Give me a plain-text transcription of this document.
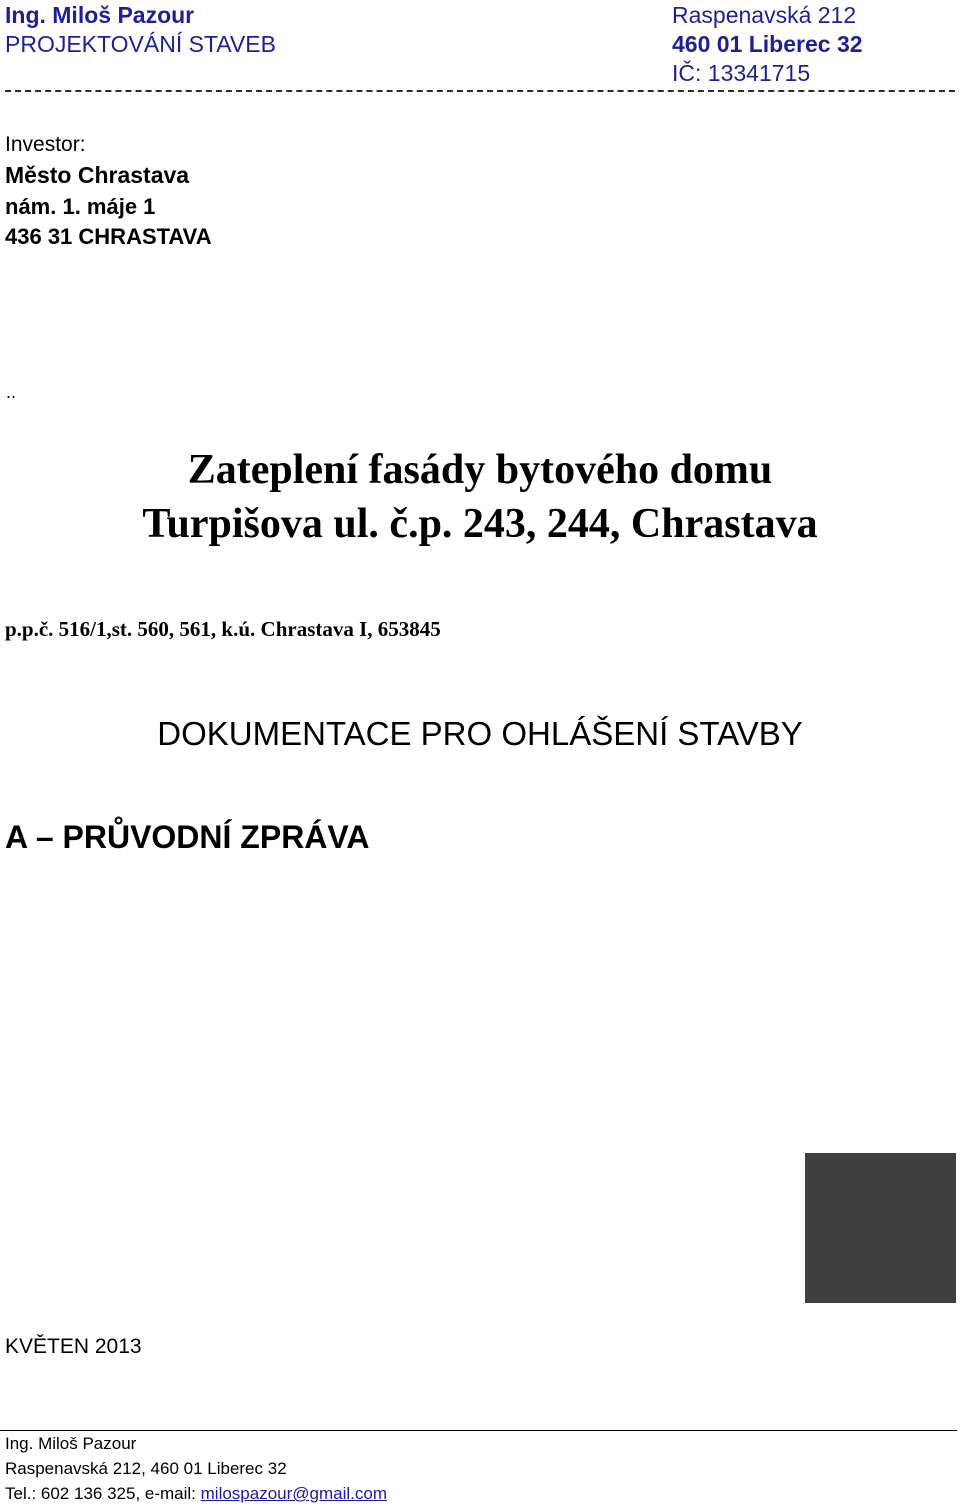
Ing. Miloš Pazour
PROJEKTOVÁNÍ STAVEB
Raspenavská 212
460 01 Liberec 32
IČ: 13341715
Investor:
Město Chrastava
nám. 1. máje 1
436 31 CHRASTAVA
..
Zateplení fasády bytového domu
Turpišova ul. č.p. 243, 244, Chrastava
p.p.č. 516/1,st. 560, 561, k.ú. Chrastava I, 653845
DOKUMENTACE PRO OHLÁŠENÍ STAVBY
A – PRŮVODNÍ ZPRÁVA
KVĚTEN 2013
Ing. Miloš Pazour
Raspenavská 212, 460 01 Liberec 32
Tel.: 602 136 325, e-mail: milospazour@gmail.com
